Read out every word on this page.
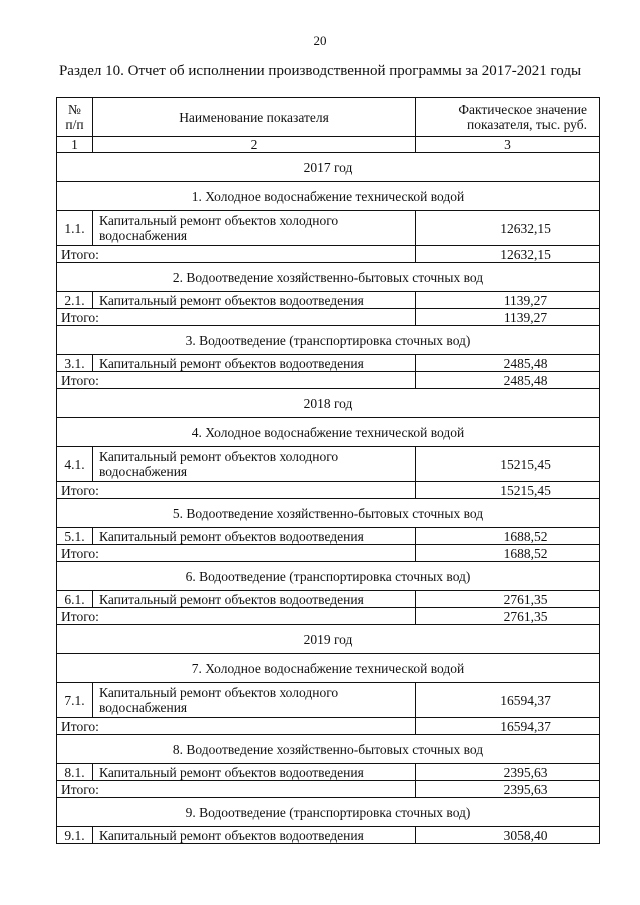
20
Раздел 10. Отчет об исполнении производственной программы за 2017-2021 годы
№ п/п	Наименование показателя	Фактическое значение показателя, тыс. руб.
1	2	3
2017 год		
1. Холодное водоснабжение технической водой		
1.1.	Капитальный ремонт объектов холодного водоснабжения	12632,15
Итого:		12632,15
2. Водоотведение хозяйственно-бытовых сточных вод		
2.1.	Капитальный ремонт объектов водоотведения	1139,27
Итого:		1139,27
3. Водоотведение (транспортировка сточных вод)		
3.1.	Капитальный ремонт объектов водоотведения	2485,48
Итого:		2485,48
2018 год		
4. Холодное водоснабжение технической водой		
4.1.	Капитальный ремонт объектов холодного водоснабжения	15215,45
Итого:		15215,45
5. Водоотведение хозяйственно-бытовых сточных вод		
5.1.	Капитальный ремонт объектов водоотведения	1688,52
Итого:		1688,52
6. Водоотведение (транспортировка сточных вод)		
6.1.	Капитальный ремонт объектов водоотведения	2761,35
Итого:		2761,35
2019 год		
7. Холодное водоснабжение технической водой		
7.1.	Капитальный ремонт объектов холодного водоснабжения	16594,37
Итого:		16594,37
8. Водоотведение хозяйственно-бытовых сточных вод		
8.1.	Капитальный ремонт объектов водоотведения	2395,63
Итого:		2395,63
9. Водоотведение (транспортировка сточных вод)		
9.1.	Капитальный ремонт объектов водоотведения	3058,40
